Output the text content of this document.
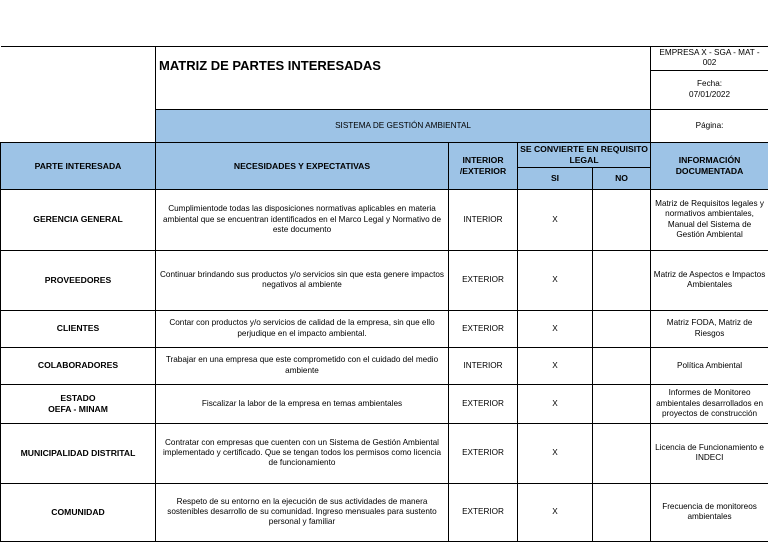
	MATRIZ DE PARTES INTERESADAS				EMPRESA X - SGA - MAT - 002	
					Fecha:
07/01/2022	

	SISTEMA DE GESTIÓN AMBIENTAL				Página:	
PARTE INTERESADA	NECESIDADES Y EXPECTATIVAS	INTERIOR /EXTERIOR	SE CONVIERTE EN REQUISITO LEGAL		INFORMACIÓN DOCUMENTADA	
			SI	NO		
GERENCIA GENERAL	Cumplimientode todas las disposiciones normativas aplicables en materia ambiental que se encuentran identificados en el Marco Legal y Normativo de este documento	INTERIOR	X		Matriz de Requisitos legales y normativos ambientales, Manual del Sistema de Gestión Ambiental	
PROVEEDORES	Continuar brindando sus productos y/o servicios sin que esta genere impactos negativos al ambiente	EXTERIOR	X		Matriz de Aspectos e Impactos Ambientales	
CLIENTES	Contar con productos y/o servicios de calidad de la empresa, sin que ello perjudique en el impacto ambiental.	EXTERIOR	X		Matriz FODA, Matriz de Riesgos	
COLABORADORES	Trabajar en una empresa que este comprometido con el cuidado del medio ambiente	INTERIOR	X		Política Ambiental	
ESTADO
OEFA - MINAM	Fiscalizar la labor de la empresa en temas ambientales	EXTERIOR	X		Informes de Monitoreo ambientales desarrollados en proyectos de construcción	
MUNICIPALIDAD DISTRITAL	Contratar con empresas que cuenten con un Sistema de Gestión Ambiental implementado y certificado. Que se tengan todos los permisos como licencia de funcionamiento	EXTERIOR	X		Licencia de Funcionamiento e INDECI	
COMUNIDAD	Respeto de su entorno en la ejecución de sus actividades de manera sostenibles desarrollo de su comunidad. Ingreso mensuales para sustento personal y familiar	EXTERIOR	X		Frecuencia de monitoreos ambientales	
